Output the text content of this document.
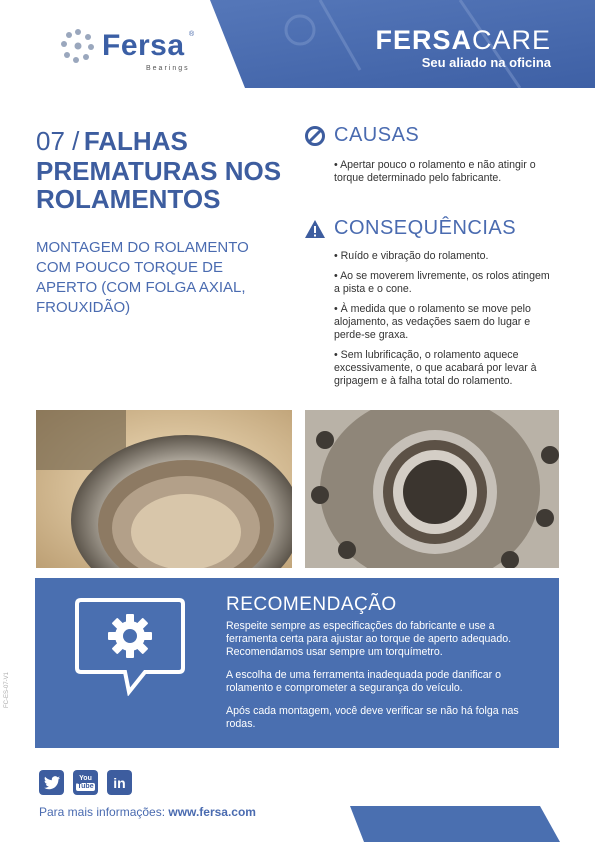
Fersa ®
Bearings
FERSACARE
Seu aliado na oficina
07 / FALHAS PREMATURAS NOS ROLAMENTOS
MONTAGEM DO ROLAMENTO COM POUCO TORQUE DE APERTO (COM FOLGA AXIAL, FROUXIDÃO)
CAUSAS

• Apertar pouco o rolamento e não atingir o torque determinado pelo fabricante.

CONSEQUÊNCIAS

• Ruído e vibração do rolamento.

• Ao se moverem livremente, os rolos atingem a pista e o cone.

• À medida que o rolamento se move pelo alojamento, as vedações saem do lugar e perde-se graxa.

• Sem lubrificação, o rolamento aquece excessivamente, o que acabará por levar à gripagem e à falha total do rolamento.

RECOMENDAÇÃO

Respeite sempre as especificações do fabricante e use a ferramenta certa para ajustar ao torque de aperto adequado. Recomendamos usar sempre um torquímetro.

A escolha de uma ferramenta inadequada pode danificar o rolamento e comprometer a segurança do veículo.

Após cada montagem, você deve verificar se não há folga nas rodas.

FC-ES-07-V1
You
Tube in
Para mais informações: www.fersa.com
